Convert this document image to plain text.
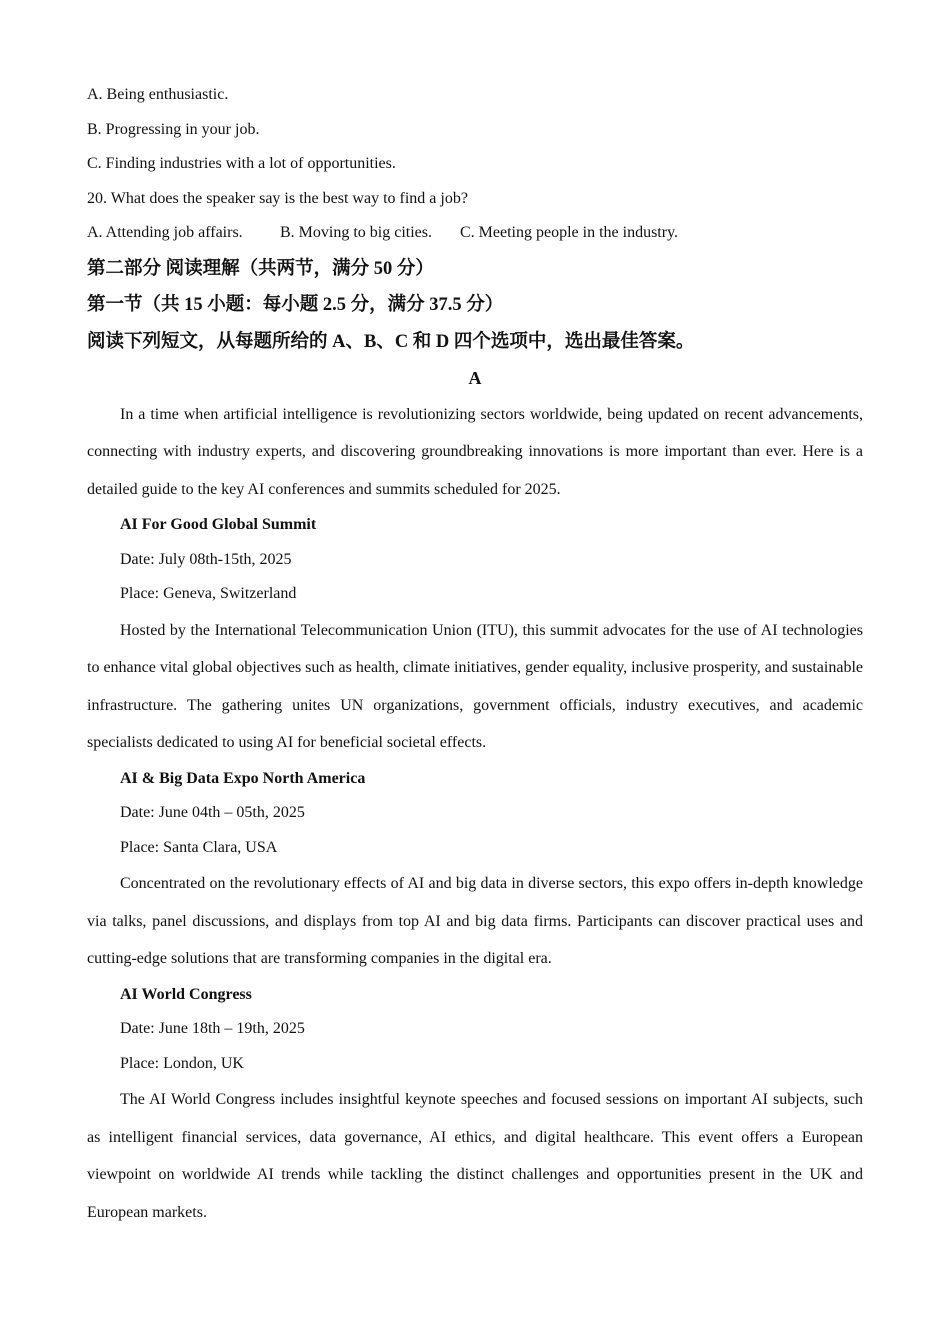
A. Being enthusiastic.
B. Progressing in your job.
C. Finding industries with a lot of opportunities.
20. What does the speaker say is the best way to find a job?
A. Attending job affairs. B. Moving to big cities. C. Meeting people in the industry.
第二部分 阅读理解（共两节，满分 50 分）
第一节（共 15 小题：每小题 2.5 分，满分 37.5 分）
阅读下列短文，从每题所给的 A、B、C 和 D 四个选项中，选出最佳答案。
A

In a time when artificial intelligence is revolutionizing sectors worldwide, being updated on recent advancements, connecting with industry experts, and discovering groundbreaking innovations is more important than ever. Here is a detailed guide to the key AI conferences and summits scheduled for 2025.

AI For Good Global Summit
Date: July 08th-15th, 2025
Place: Geneva, Switzerland

Hosted by the International Telecommunication Union (ITU), this summit advocates for the use of AI technologies to enhance vital global objectives such as health, climate initiatives, gender equality, inclusive prosperity, and sustainable infrastructure. The gathering unites UN organizations, government officials, industry executives, and academic specialists dedicated to using AI for beneficial societal effects.

AI & Big Data Expo North America
Date: June 04th – 05th, 2025
Place: Santa Clara, USA

Concentrated on the revolutionary effects of AI and big data in diverse sectors, this expo offers in-depth knowledge via talks, panel discussions, and displays from top AI and big data firms. Participants can discover practical uses and cutting-edge solutions that are transforming companies in the digital era.

AI World Congress
Date: June 18th – 19th, 2025
Place: London, UK

The AI World Congress includes insightful keynote speeches and focused sessions on important AI subjects, such as intelligent financial services, data governance, AI ethics, and digital healthcare. This event offers a European viewpoint on worldwide AI trends while tackling the distinct challenges and opportunities present in the UK and European markets.
